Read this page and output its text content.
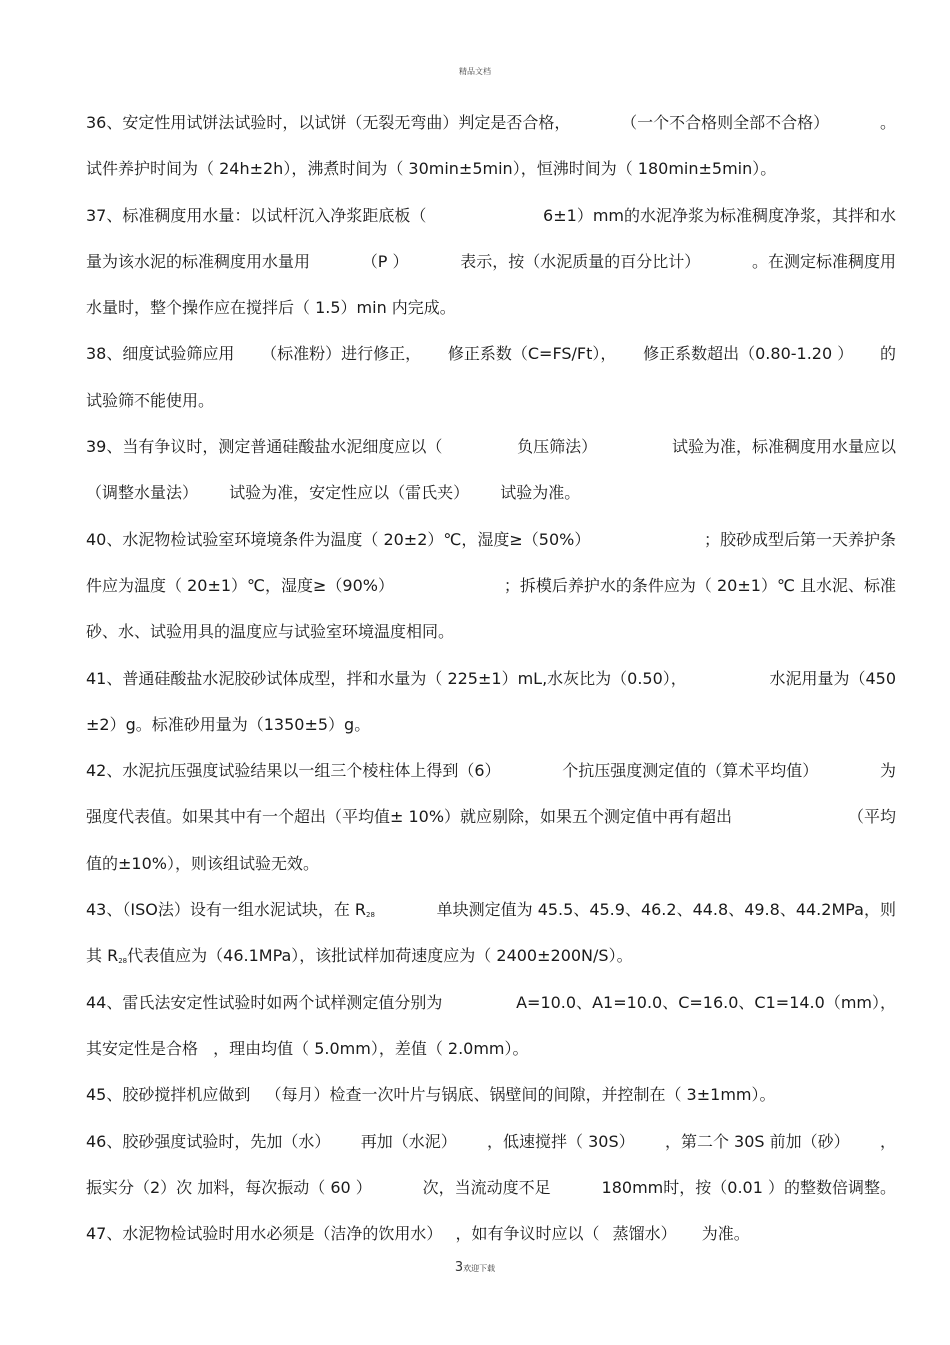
精品文档
36、安定性用试饼法试验时，以试饼（无裂无弯曲）判定是否合格，	（一个不合格则全部不合格）	。
试件养护时间为（ 24h±2h），沸煮时间为（ 30min±5min），恒沸时间为（ 180min±5min）。
37、标准稠度用水量：以试杆沉入净浆距底板（	6±1）mm的水泥净浆为标准稠度净浆，其拌和水
量为该水泥的标准稠度用水量用	（P ）	表示，按（水泥质量的百分比计）	。在测定标准稠度用
水量时，整个操作应在搅拌后（ 1.5）min 内完成。
38、细度试验筛应用 （标准粉）进行修正， 修正系数（C=FS/Ft）， 修正系数超出（0.80-1.20 ） 的
试验筛不能使用。
39、当有争议时，测定普通硅酸盐水泥细度应以（	负压筛法）	试验为准，标准稠度用水量应以
（调整水量法） 试验为准，安定性应以（雷氏夹） 试验为准。
40、水泥物检试验室环境境条件为温度（ 20±2）℃，湿度≥（50%）	；胶砂成型后第一天养护条
件应为温度（ 20±1）℃，湿度≥（90%）	；拆模后养护水的条件应为（ 20±1）℃ 且水泥、标准
砂、水、试验用具的温度应与试验室环境温度相同。
41、普通硅酸盐水泥胶砂试体成型，拌和水量为（ 225±1）mL,水灰比为（0.50），	水泥用量为（450
±2）g。标准砂用量为（1350±5）g。
42、水泥抗压强度试验结果以一组三个棱柱体上得到（6）	个抗压强度测定值的（算术平均值）	为
强度代表值。如果其中有一个超出（平均值± 10%）就应剔除，如果五个测定值中再有超出	（平均
值的±10%），则该组试验无效。
43、（ISO法）设有一组水泥试块，在 $R_{28}$	单块测定值为 45.5、45.9、46.2、44.8、49.8、44.2MPa，则
其 $R_{28}$代表值应为（46.1MPa），该批试样加荷速度应为（ 2400±200N/S）。
44、雷氏法安定性试验时如两个试样测定值分别为	A=10.0、A1=10.0、C=16.0、C1=14.0（mm），
其安定性是合格 ，理由均值（ 5.0mm），差值（ 2.0mm）。
45、胶砂搅拌机应做到 （每月）检查一次叶片与锅底、锅壁间的间隙，并控制在（ 3±1mm）。
46、胶砂强度试验时，先加（水） 再加（水泥） ，低速搅拌（ 30S） ，第二个 30S 前加（砂） ，
振实分（2）次 加料，每次振动（ 60 ）	次，当流动度不足	180mm时，按（0.01 ）的整数倍调整。
47、水泥物检试验时用水必须是（洁净的饮用水） ，如有争议时应以（ 蒸馏水） 为准。
3欢迎下载
